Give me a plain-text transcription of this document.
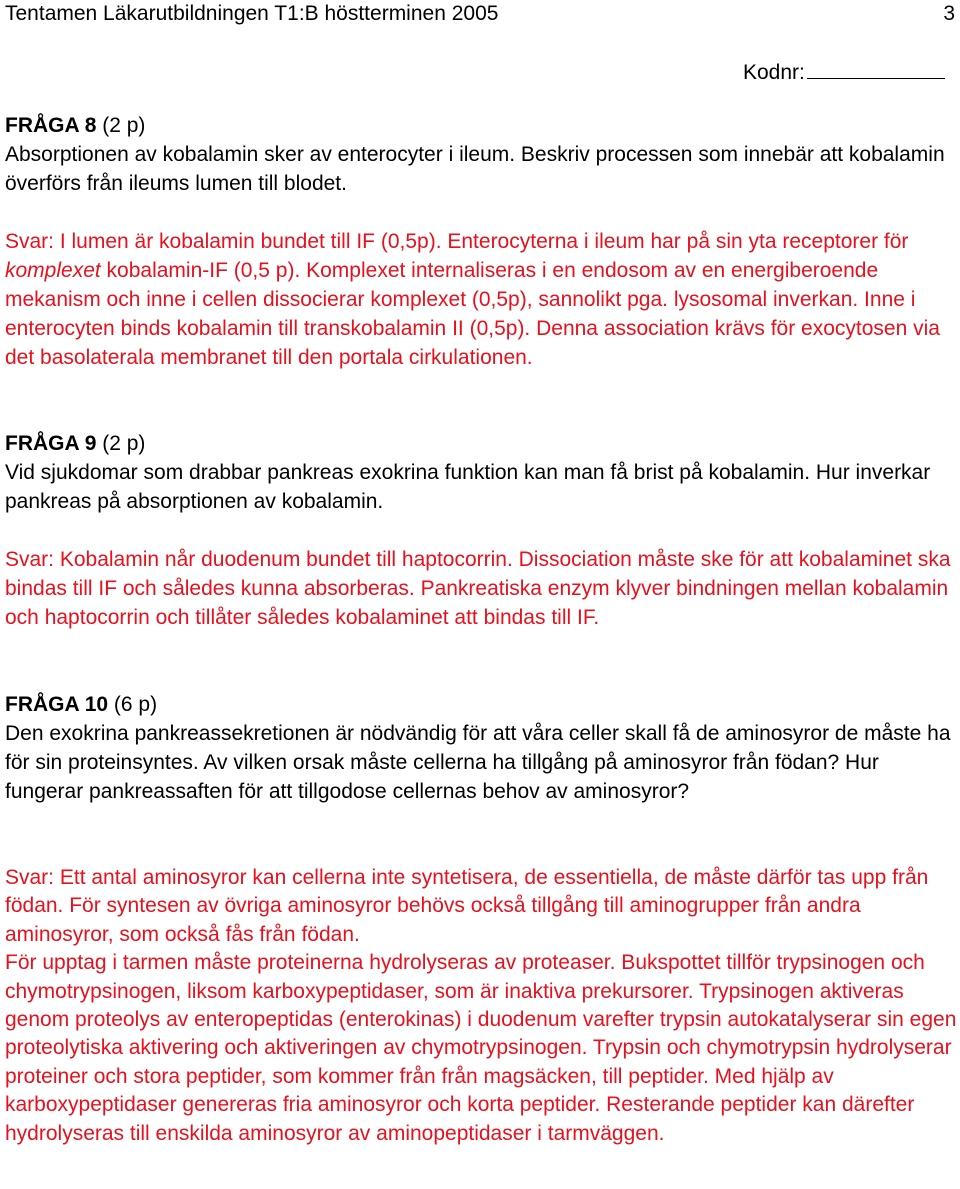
Tentamen Läkarutbildningen T1:B höstterminen 2005	3
Kodnr:

FRÅGA 8 (2 p)
Absorptionen av kobalamin sker av enterocyter i ileum. Beskriv processen som innebär att kobalamin överförs från ileums lumen till blodet.

Svar: I lumen är kobalamin bundet till IF (0,5p). Enterocyterna i ileum har på sin yta receptorer för komplexet kobalamin-IF (0,5 p). Komplexet internaliseras i en endosom av en energiberoende mekanism och inne i cellen dissocierar komplexet (0,5p), sannolikt pga. lysosomal inverkan. Inne i enterocyten binds kobalamin till transkobalamin II (0,5p). Denna association krävs för exocytosen via det basolaterala membranet till den portala cirkulationen.

FRÅGA 9 (2 p)
Vid sjukdomar som drabbar pankreas exokrina funktion kan man få brist på kobalamin. Hur inverkar pankreas på absorptionen av kobalamin.

Svar: Kobalamin når duodenum bundet till haptocorrin. Dissociation måste ske för att kobalaminet ska bindas till IF och således kunna absorberas. Pankreatiska enzym klyver bindningen mellan kobalamin och haptocorrin och tillåter således kobalaminet att bindas till IF.

FRÅGA 10 (6 p)
Den exokrina pankreassekretionen är nödvändig för att våra celler skall få de aminosyror de måste ha för sin proteinsyntes. Av vilken orsak måste cellerna ha tillgång på aminosyror från födan? Hur fungerar pankreassaften för att tillgodose cellernas behov av aminosyror?

Svar: Ett antal aminosyror kan cellerna inte syntetisera, de essentiella, de måste därför tas upp från födan. För syntesen av övriga aminosyror behövs också tillgång till aminogrupper från andra aminosyror, som också fås från födan.
För upptag i tarmen måste proteinerna hydrolyseras av proteaser. Bukspottet tillför trypsinogen och chymotrypsinogen, liksom karboxypeptidaser, som är inaktiva prekursorer. Trypsinogen aktiveras genom proteolys av enteropeptidas (enterokinas) i duodenum varefter trypsin autokatalyserar sin egen proteolytiska aktivering och aktiveringen av chymotrypsinogen. Trypsin och chymotrypsin hydrolyserar proteiner och stora peptider, som kommer från från magsäcken, till peptider. Med hjälp av karboxypeptidaser genereras fria aminosyror och korta peptider. Resterande peptider kan därefter hydrolyseras till enskilda aminosyror av aminopeptidaser i tarmväggen.
